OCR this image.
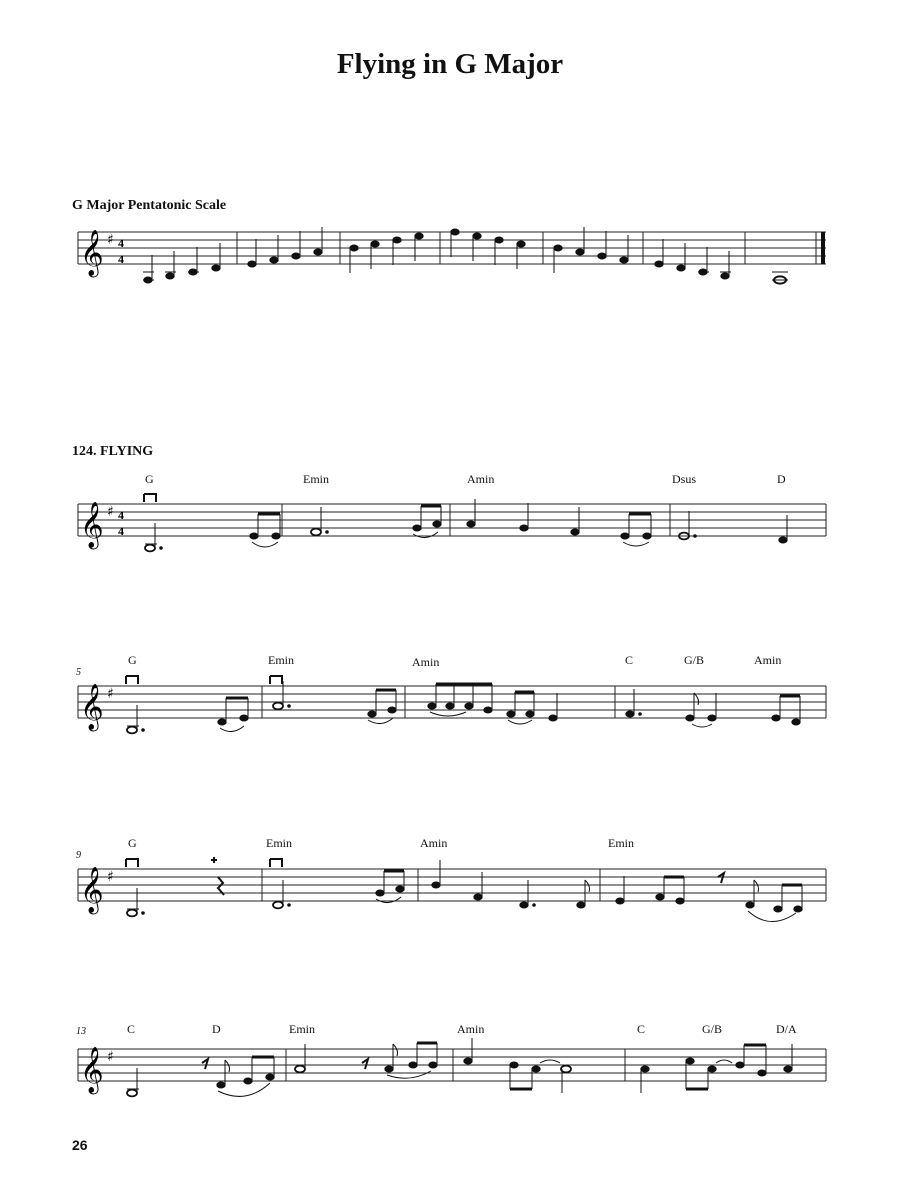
Flying in G Major
G Major Pentatonic Scale
𝄞 ♯ 4
4
124. FLYING
G	Emin	Amin	Dsus	D
𝄞 ♯ 4
4
5
G	Emin	Amin	C	G/B	Amin
𝄞 ♯
9
G	Emin	Amin	Emin
𝄞 ♯
13	C	D	Emin	Amin	C	G/B	D/A
𝄞 ♯
26
